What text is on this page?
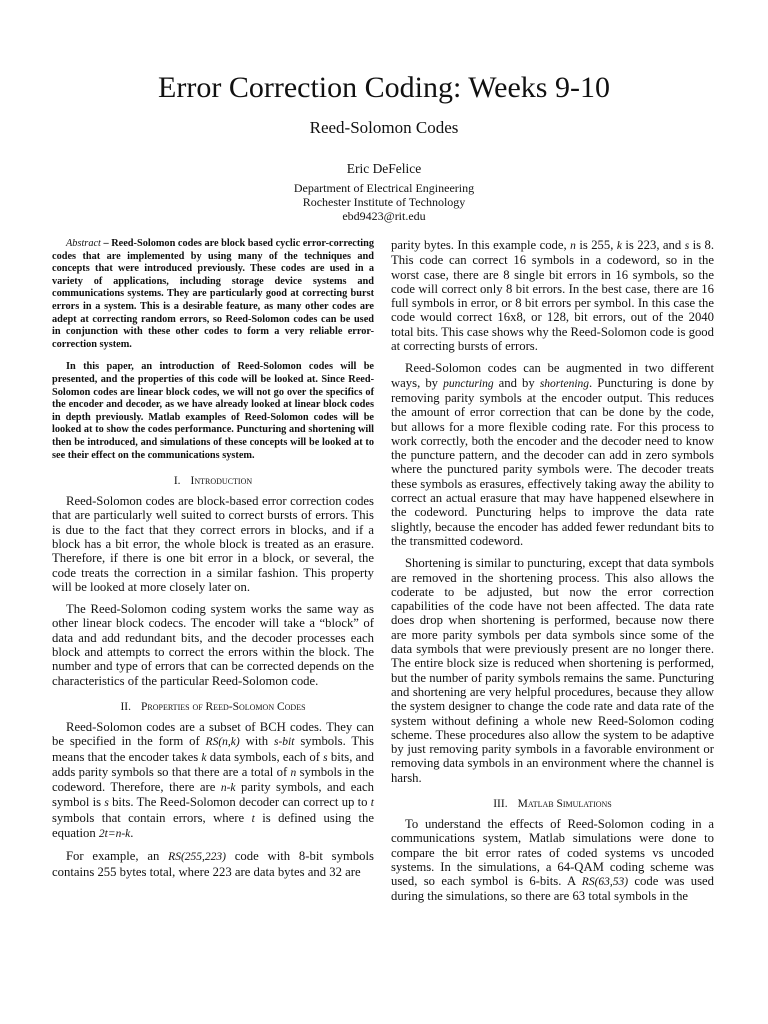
Error Correction Coding: Weeks 9-10
Reed-Solomon Codes
Eric DeFelice
Department of Electrical Engineering
Rochester Institute of Technology
ebd9423@rit.edu

Abstract – Reed-Solomon codes are block based cyclic error-correcting codes that are implemented by using many of the techniques and concepts that were introduced previously. These codes are used in a variety of applications, including storage device systems and communications systems. They are particularly good at correcting burst errors in a system. This is a desirable feature, as many other codes are adept at correcting random errors, so Reed-Solomon codes can be used in conjunction with these other codes to form a very reliable error-correction system.

In this paper, an introduction of Reed-Solomon codes will be presented, and the properties of this code will be looked at. Since Reed-Solomon codes are linear block codes, we will not go over the specifics of the encoder and decoder, as we have already looked at linear block codes in depth previously. Matlab examples of Reed-Solomon codes will be looked at to show the codes performance. Puncturing and shortening will then be introduced, and simulations of these concepts will be looked at to see their effect on the communications system.

I. Introduction

Reed-Solomon codes are block-based error correction codes that are particularly well suited to correct bursts of errors. This is due to the fact that they correct errors in blocks, and if a block has a bit error, the whole block is treated as an erasure. Therefore, if there is one bit error in a block, or several, the code treats the correction in a similar fashion. This property will be looked at more closely later on.

The Reed-Solomon coding system works the same way as other linear block codecs. The encoder will take a “block” of data and add redundant bits, and the decoder processes each block and attempts to correct the errors within the block. The number and type of errors that can be corrected depends on the characteristics of the particular Reed-Solomon code.

II. Properties of Reed-Solomon Codes

Reed-Solomon codes are a subset of BCH codes. They can be specified in the form of RS(n,k) with s-bit symbols. This means that the encoder takes k data symbols, each of s bits, and adds parity symbols so that there are a total of n symbols in the codeword. Therefore, there are n-k parity symbols, and each symbol is s bits. The Reed-Solomon decoder can correct up to t symbols that contain errors, where t is defined using the equation 2t=n-k.

For example, an RS(255,223) code with 8-bit symbols contains 255 bytes total, where 223 are data bytes and 32 are

parity bytes. In this example code, n is 255, k is 223, and s is 8. This code can correct 16 symbols in a codeword, so in the worst case, there are 8 single bit errors in 16 symbols, so the code will correct only 8 bit errors. In the best case, there are 16 full symbols in error, or 8 bit errors per symbol. In this case the code would correct 16x8, or 128, bit errors, out of the 2040 total bits. This case shows why the Reed-Solomon code is good at correcting bursts of errors.

Reed-Solomon codes can be augmented in two different ways, by puncturing and by shortening. Puncturing is done by removing parity symbols at the encoder output. This reduces the amount of error correction that can be done by the code, but allows for a more flexible coding rate. For this process to work correctly, both the encoder and the decoder need to know the puncture pattern, and the decoder can add in zero symbols where the punctured parity symbols were. The decoder treats these symbols as erasures, effectively taking away the ability to correct an actual erasure that may have happened elsewhere in the codeword. Puncturing helps to improve the data rate slightly, because the encoder has added fewer redundant bits to the transmitted codeword.

Shortening is similar to puncturing, except that data symbols are removed in the shortening process. This also allows the coderate to be adjusted, but now the error correction capabilities of the code have not been affected. The data rate does drop when shortening is performed, because now there are more parity symbols per data symbols since some of the data symbols that were previously present are no longer there. The entire block size is reduced when shortening is performed, but the number of parity symbols remains the same. Puncturing and shortening are very helpful procedures, because they allow the system designer to change the code rate and data rate of the system without defining a whole new Reed-Solomon coding scheme. These procedures also allow the system to be adaptive by just removing parity symbols in a favorable environment or removing data symbols in an environment where the channel is harsh.

III. Matlab Simulations

To understand the effects of Reed-Solomon coding in a communications system, Matlab simulations were done to compare the bit error rates of coded systems vs uncoded systems. In the simulations, a 64-QAM coding scheme was used, so each symbol is 6-bits. A RS(63,53) code was used during the simulations, so there are 63 total symbols in the
